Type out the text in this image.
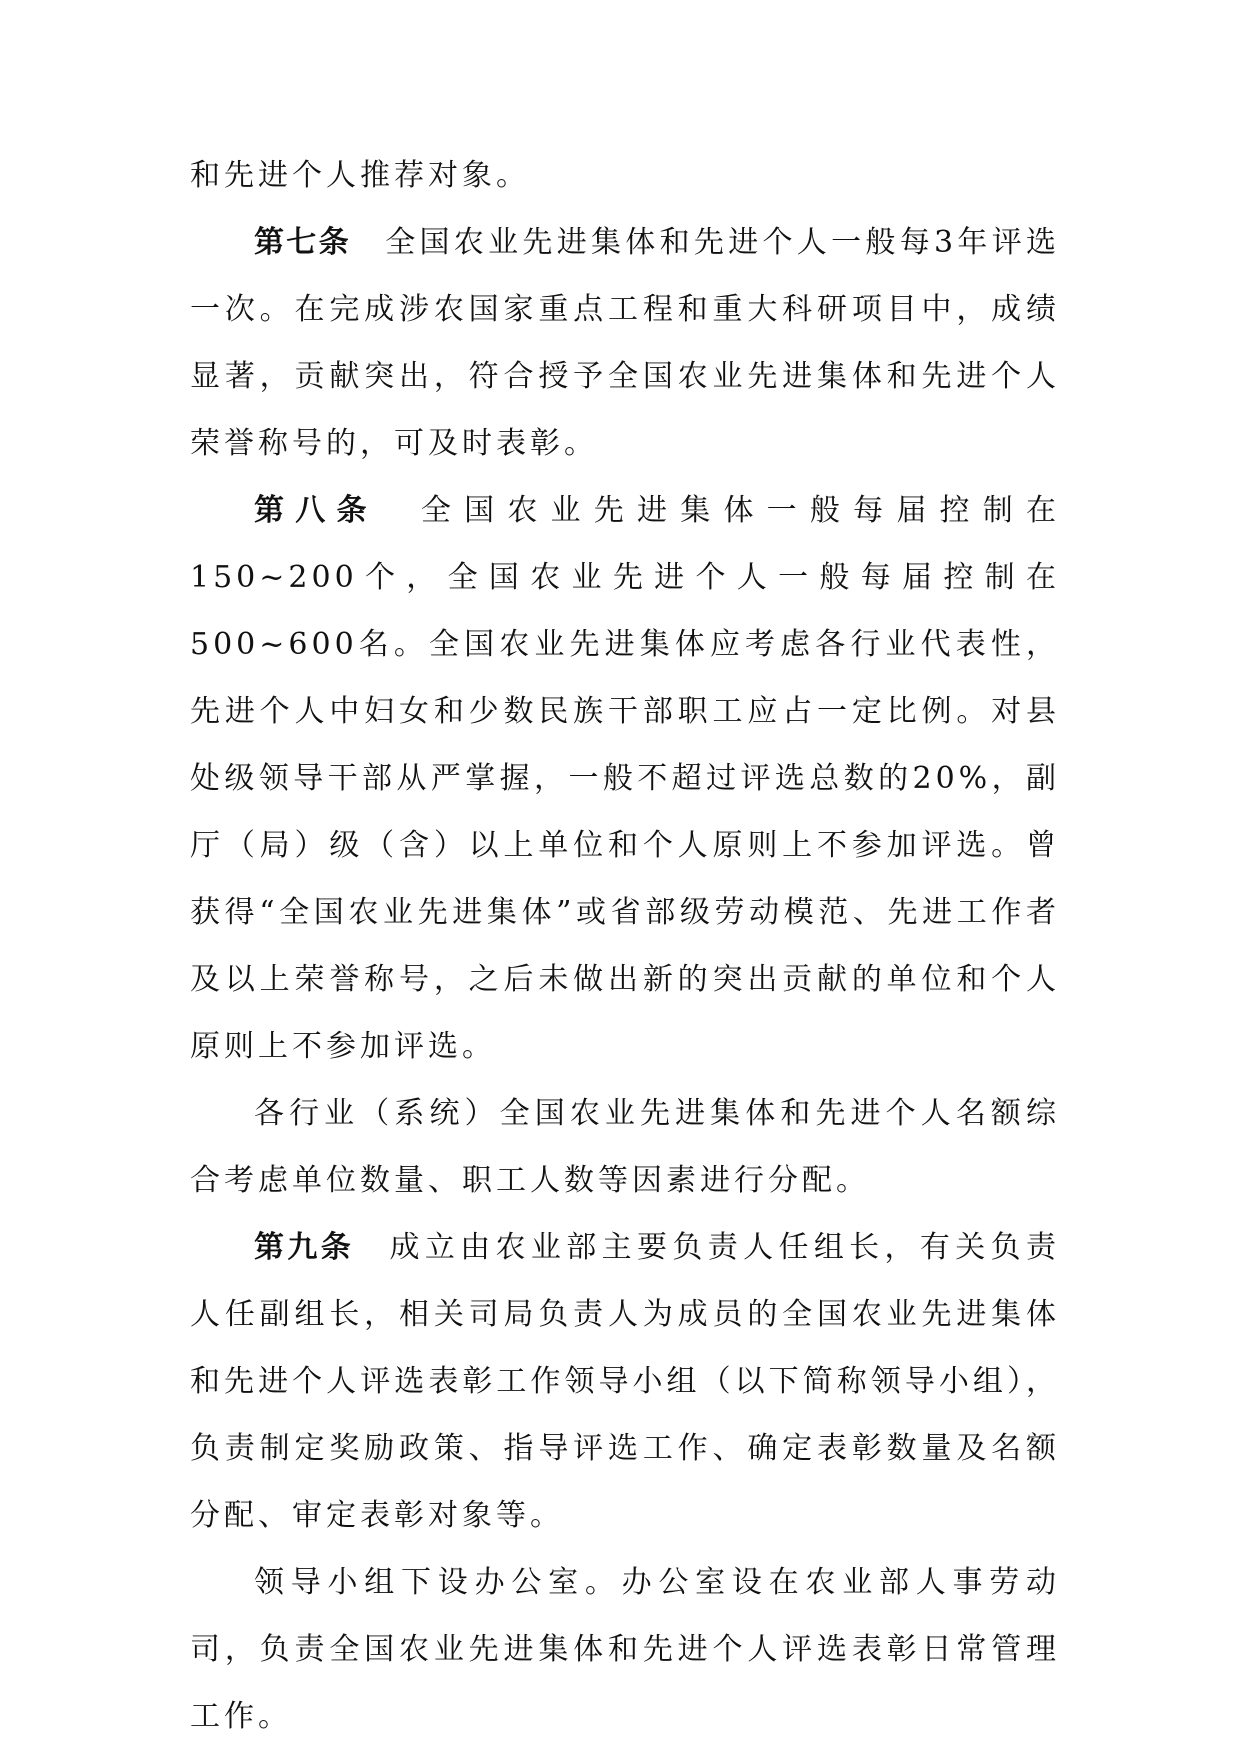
和先进个人推荐对象。

第七条 全国农业先进集体和先进个人一般每3年评选一次。在完成涉农国家重点工程和重大科研项目中，成绩显著，贡献突出，符合授予全国农业先进集体和先进个人荣誉称号的，可及时表彰。

第八条 全国农业先进集体一般每届控制在150~200个，全国农业先进个人一般每届控制在500~600名。全国农业先进集体应考虑各行业代表性，先进个人中妇女和少数民族干部职工应占一定比例。对县处级领导干部从严掌握，一般不超过评选总数的20%，副厅（局）级（含）以上单位和个人原则上不参加评选。曾获得“全国农业先进集体”或省部级劳动模范、先进工作者及以上荣誉称号，之后未做出新的突出贡献的单位和个人原则上不参加评选。

各行业（系统）全国农业先进集体和先进个人名额综合考虑单位数量、职工人数等因素进行分配。

第九条 成立由农业部主要负责人任组长，有关负责人任副组长，相关司局负责人为成员的全国农业先进集体和先进个人评选表彰工作领导小组（以下简称领导小组），负责制定奖励政策、指导评选工作、确定表彰数量及名额分配、审定表彰对象等。

领导小组下设办公室。办公室设在农业部人事劳动司，负责全国农业先进集体和先进个人评选表彰日常管理工作。
